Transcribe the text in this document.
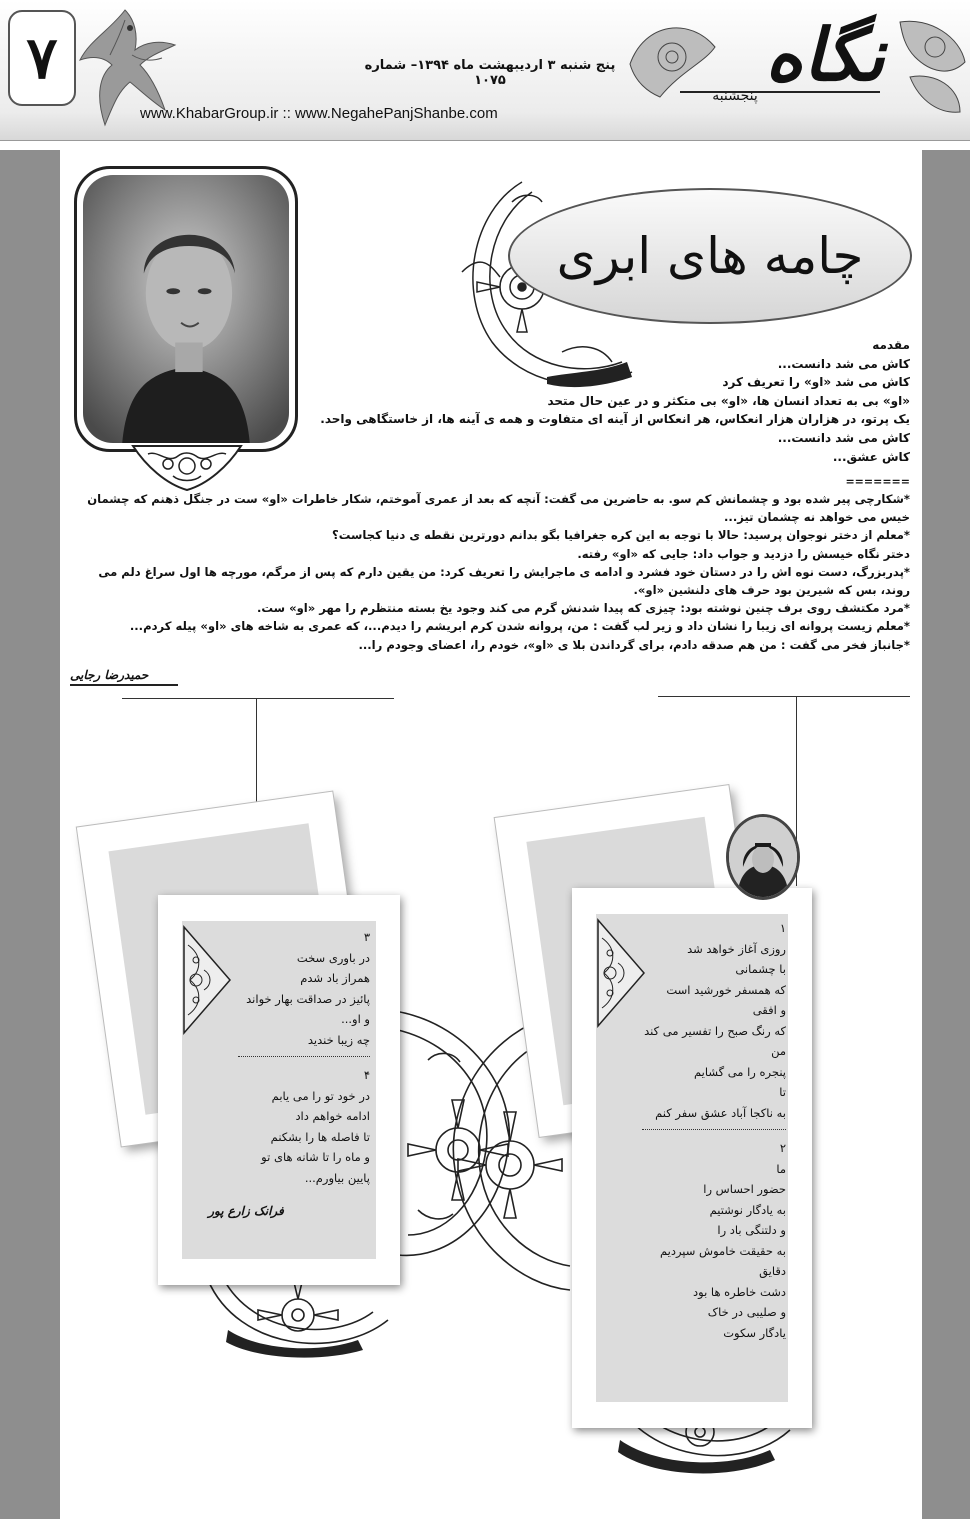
۷	نگاه
پنجشنبه
پنج شنبه ۳ اردیبهشت ماه ۱۳۹۴– شماره ۱۰۷۵
www.KhabarGroup.ir :: www.NegahePanjShanbe.com
چامه های ابری

مقدمه

کاش می شد دانست...

کاش می شد «او» را تعریف کرد

«او» بی به تعداد انسان ها، «او» بی متکثر و در عین حال متحد

یک پرتو، در هزاران هزار انعکاس، هر انعکاس از آینه ای متفاوت و همه ی آینه ها، از خاستگاهی واحد.

کاش می شد دانست...

کاش عشق...

=======

*شکارچی پیر شده بود و چشمانش کم سو. به حاضرین می گفت: آنچه که بعد از عمری آموختم، شکار خاطرات «او» ست در جنگل ذهنم که چشمان خیس می خواهد نه چشمان تیز...

*معلم از دختر نوجوان پرسید: حالا با توجه به این کره جغرافیا بگو بدانم دورترین نقطه ی دنیا کجاست؟

دختر نگاه خیسش را دزدید و جواب داد: جایی که «او» رفته.

*پدربزرگ، دست نوه اش را در دستان خود فشرد و ادامه ی ماجرایش را تعریف کرد: من یقین دارم که پس از مرگم، مورچه ها اول سراغ دلم می روند، بس که شیرین بود حرف های دلنشین «او».

*مرد مکتشف روی برف چنین نوشته بود: چیزی که پیدا شدنش گرم می کند وجود یخ بسته منتظرم را مهر «او» ست.

*معلم زیست پروانه ای زیبا را نشان داد و زیر لب گفت : من، پروانه شدن کرم ابریشم را دیدم...، که عمری به شاخه های «او» پیله کردم...

*جانباز فخر می گفت : من هم صدقه دادم، برای گرداندن بلا ی «او»، خودم را، اعضای وجودم را...

حمیدرضا رجایی

۳

در باوری سخت

همراز باد شدم

پائیز در صداقت بهار خواند

و او...

چه زیبا خندید

۴

در خود تو را می یابم

ادامه خواهم داد

تا فاصله ها را بشکنم

و ماه را تا شانه های تو

پایین بیاورم...

فرانک زارع پور

۱

روزی آغاز خواهد شد

با چشمانی

که همسفر خورشید است

و افقی

که رنگ صبح را تفسیر می کند

من

پنجره را می گشایم

تا

به ناکجا آباد عشق سفر کنم

۲

ما

حضور احساس را

به یادگار نوشتیم

و دلتنگی باد را

به حقیقت خاموش سپردیم

دقایق

دشت خاطره ها بود

و صلیبی در خاک

یادگار سکوت
